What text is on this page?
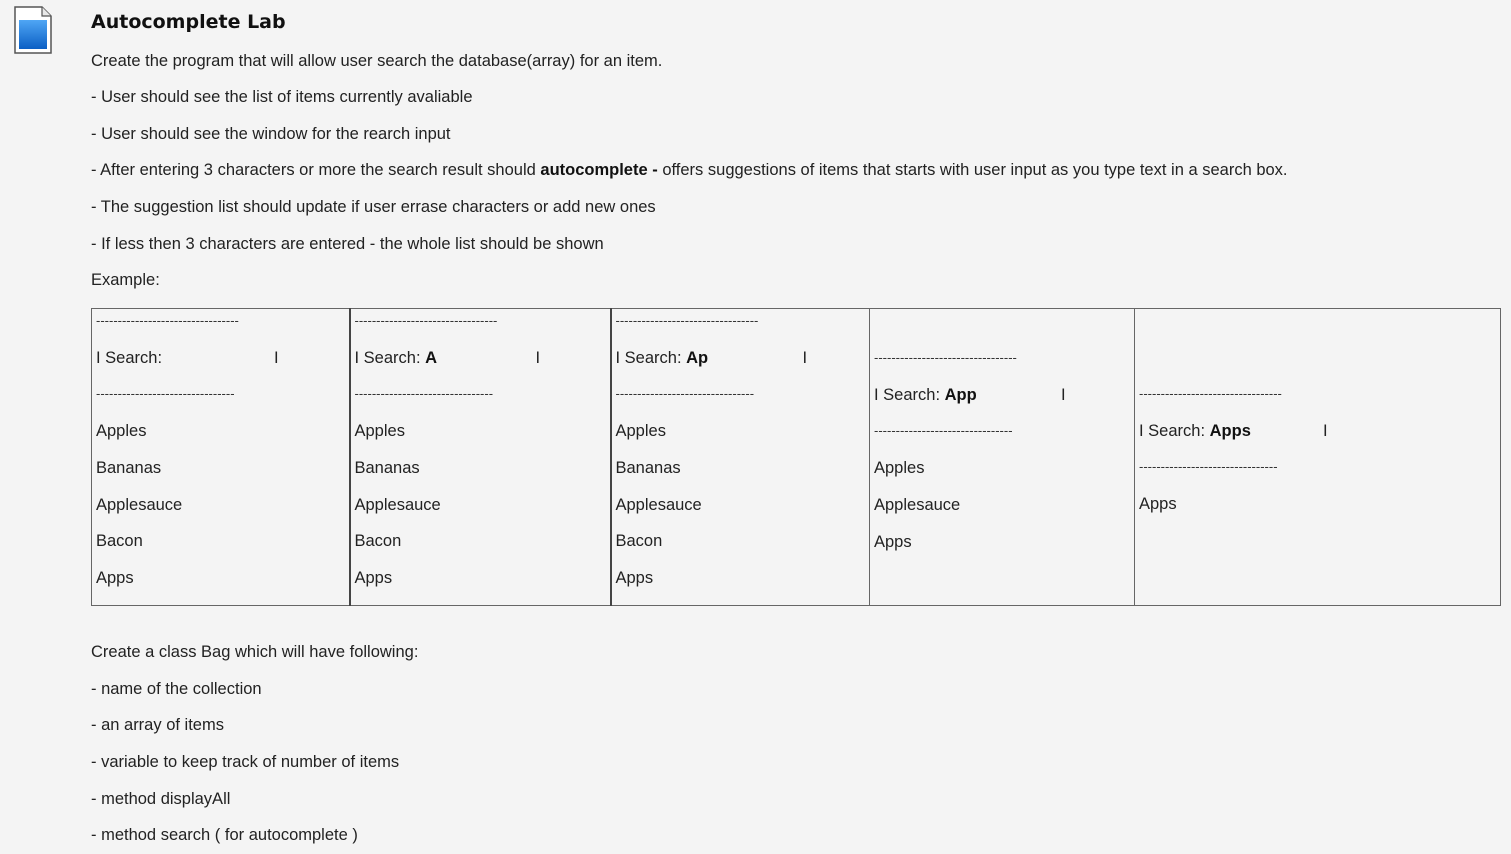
Autocomplete Lab
Create the program that will allow user search the database(array) for an item.
- User should see the list of items currently avaliable
- User should see the window for the rearch input
- After entering 3 characters or more the search result should autocomplete - offers suggestions of items that starts with user input as you type text in a search box.
- The suggestion list should update if user errase characters or add new ones
- If less then 3 characters are entered - the whole list should be shown
Example:
---------------------------------
I Search:	I
--------------------------------
Apples
Bananas
Applesauce
Bacon
Apps

---------------------------------
I Search: A	I
--------------------------------
Apples
Bananas
Applesauce
Bacon
Apps

---------------------------------
I Search: Ap	I
--------------------------------
Apples
Bananas
Applesauce
Bacon
Apps

---------------------------------
I Search: App	I
--------------------------------
Apples
Applesauce
Apps

---------------------------------
I Search: Apps	I
--------------------------------
Apps
Create a class Bag which will have following:
- name of the collection
- an array of items
- variable to keep track of number of items
- method displayAll
- method search ( for autocomplete )
